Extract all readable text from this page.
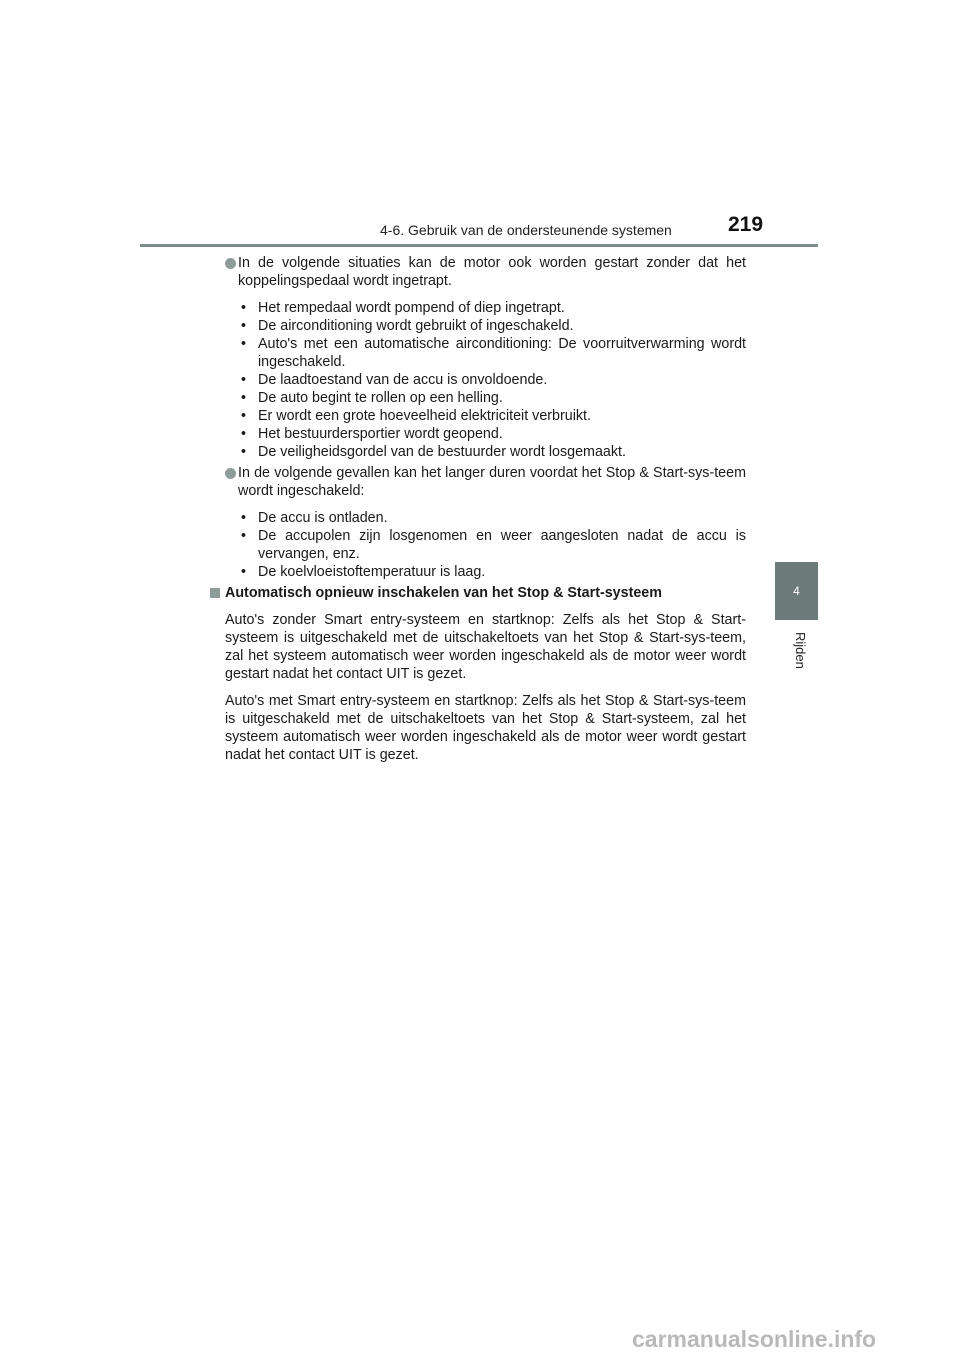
4-6. Gebruik van de ondersteunende systemen	219
4
Rijden
In de volgende situaties kan de motor ook worden gestart zonder dat het koppelingspedaal wordt ingetrapt.
• Het rempedaal wordt pompend of diep ingetrapt.
• De airconditioning wordt gebruikt of ingeschakeld.
• Auto's met een automatische airconditioning: De voorruitverwarming wordt ingeschakeld.
• De laadtoestand van de accu is onvoldoende.
• De auto begint te rollen op een helling.
• Er wordt een grote hoeveelheid elektriciteit verbruikt.
• Het bestuurdersportier wordt geopend.
• De veiligheidsgordel van de bestuurder wordt losgemaakt.
In de volgende gevallen kan het langer duren voordat het Stop & Start-sys-teem wordt ingeschakeld:
• De accu is ontladen.
• De accupolen zijn losgenomen en weer aangesloten nadat de accu is vervangen, enz.
• De koelvloeistoftemperatuur is laag.
Automatisch opnieuw inschakelen van het Stop & Start-systeem
Auto's zonder Smart entry-systeem en startknop: Zelfs als het Stop & Start-systeem is uitgeschakeld met de uitschakeltoets van het Stop & Start-sys-teem, zal het systeem automatisch weer worden ingeschakeld als de motor weer wordt gestart nadat het contact UIT is gezet.
Auto's met Smart entry-systeem en startknop: Zelfs als het Stop & Start-sys-teem is uitgeschakeld met de uitschakeltoets van het Stop & Start-systeem, zal het systeem automatisch weer worden ingeschakeld als de motor weer wordt gestart nadat het contact UIT is gezet.
carmanualsonline.info
